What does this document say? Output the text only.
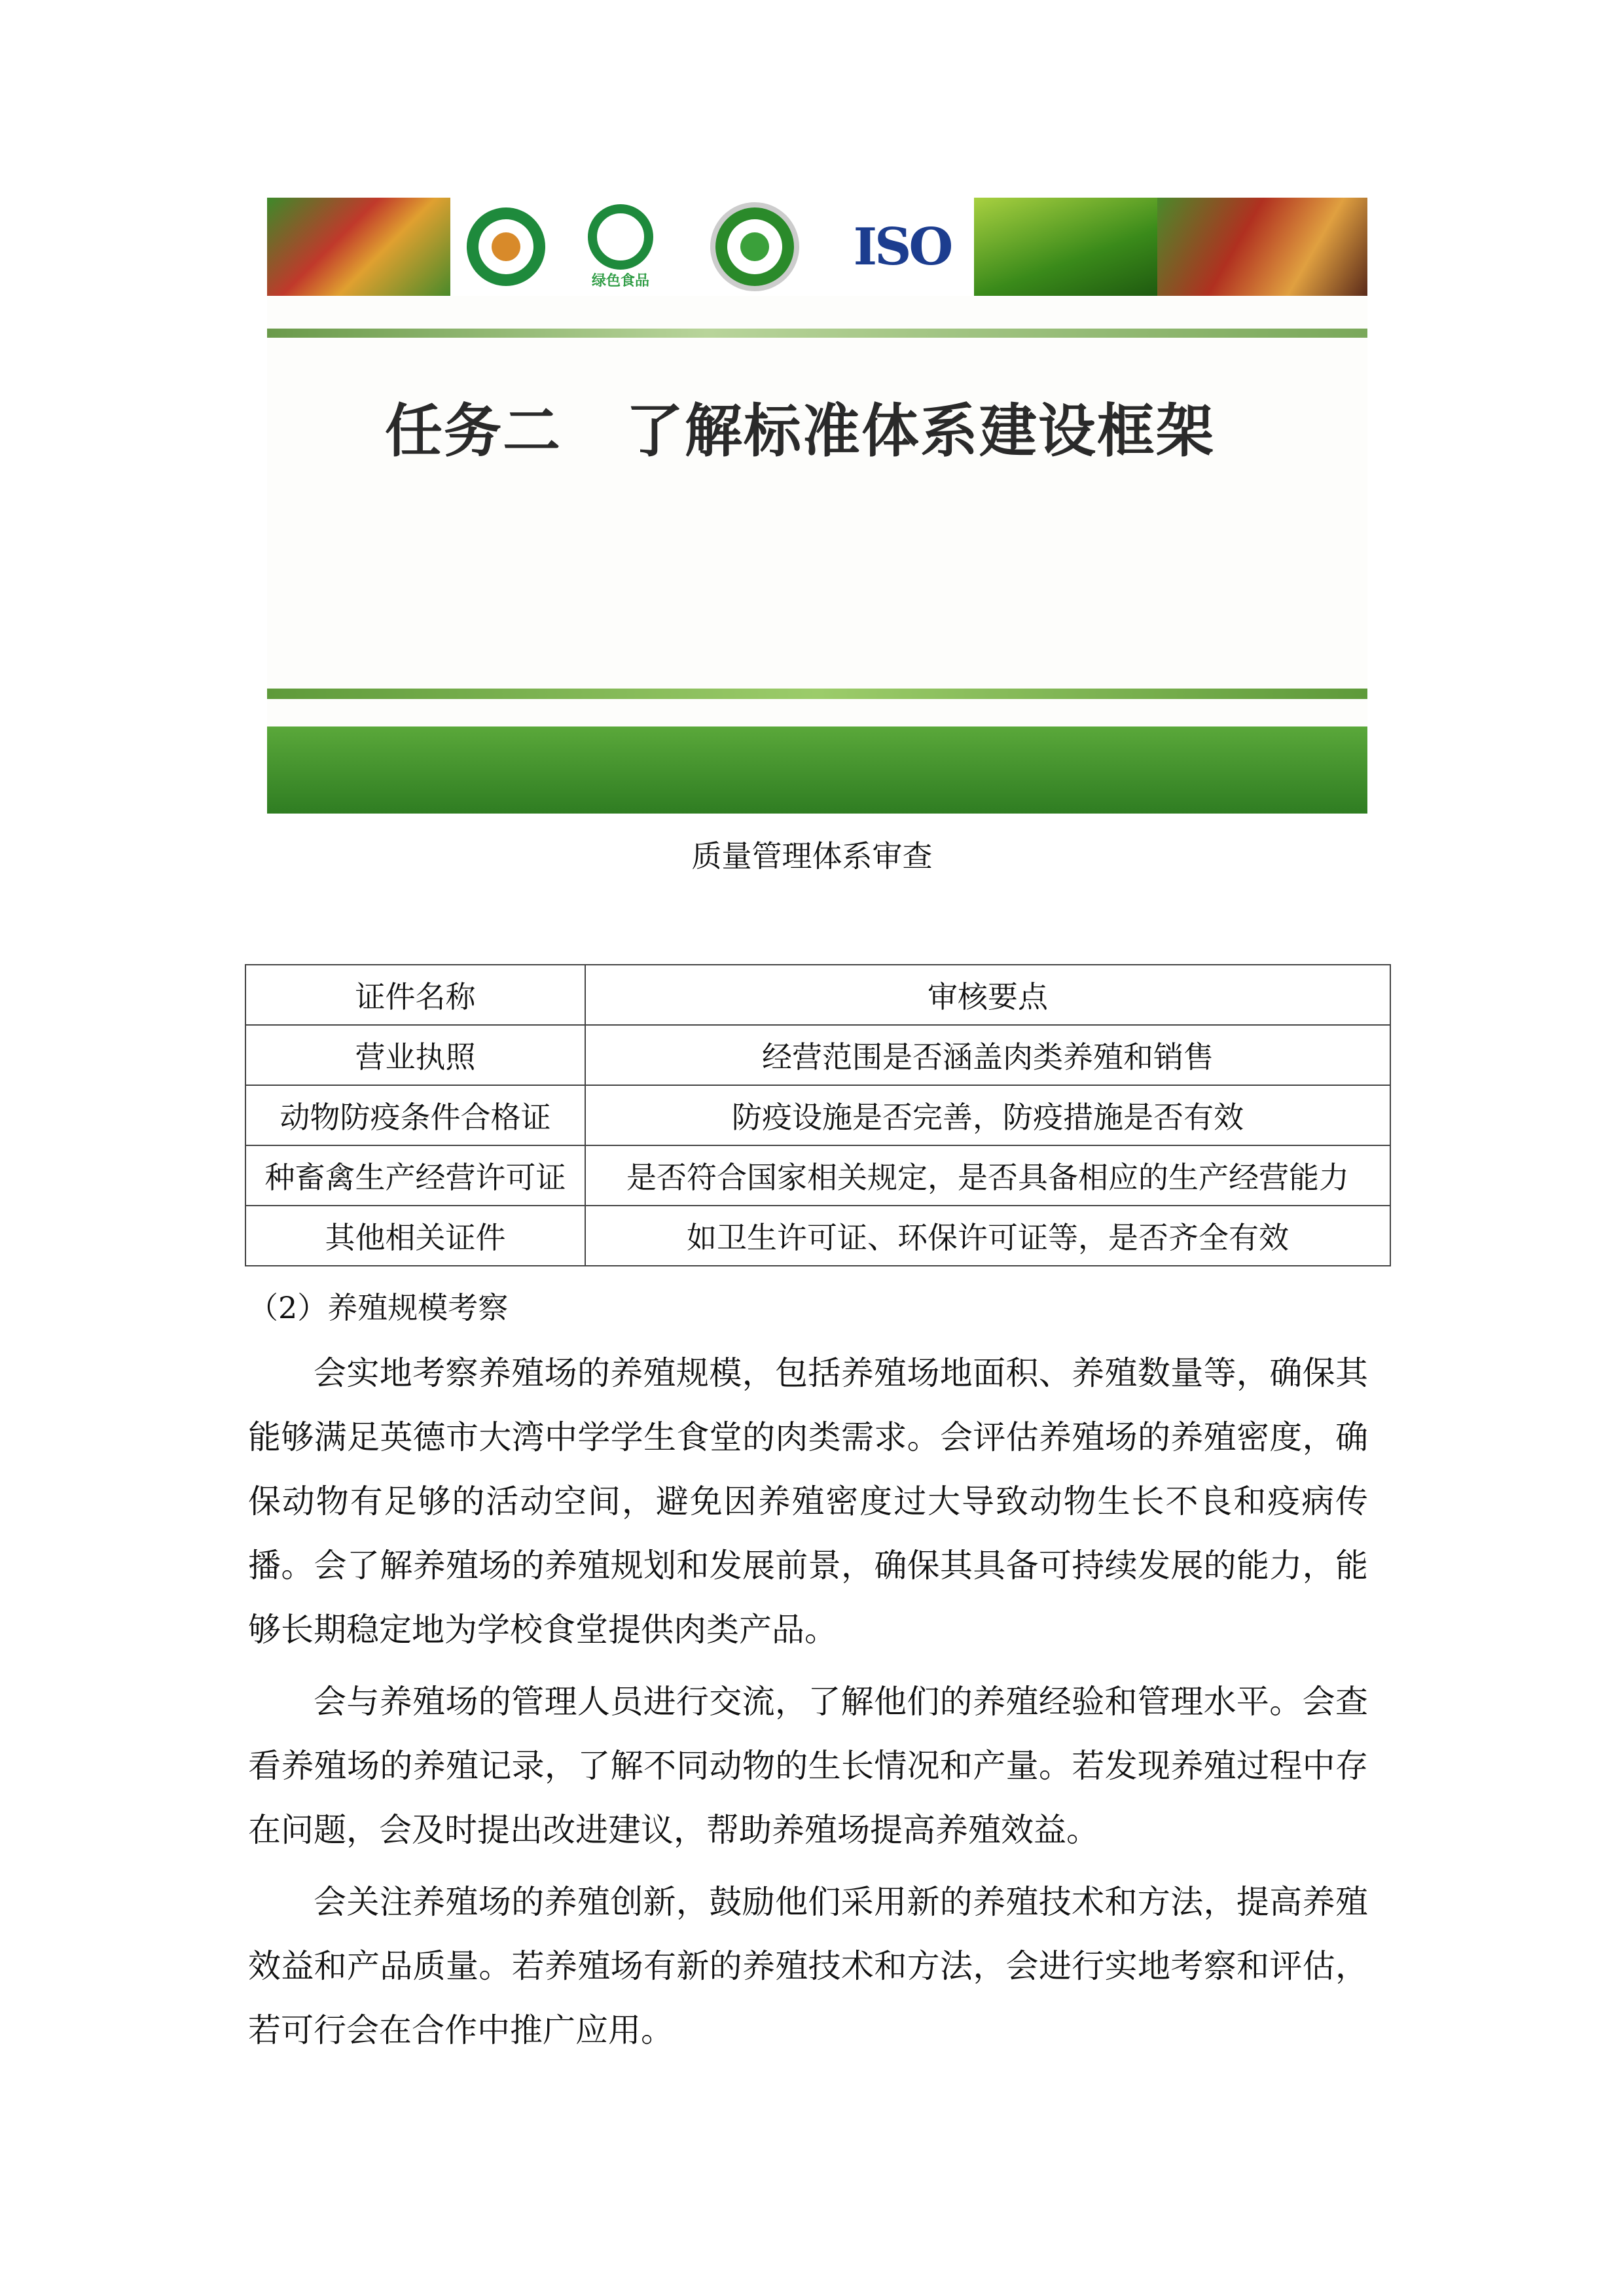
绿色食品
ISO
任务二   了解标准体系建设框架
质量管理体系审查
证件名称	审核要点
营业执照	经营范围是否涵盖肉类养殖和销售
动物防疫条件合格证	防疫设施是否完善，防疫措施是否有效
种畜禽生产经营许可证	是否符合国家相关规定，是否具备相应的生产经营能力
其他相关证件	如卫生许可证、环保许可证等，是否齐全有效
（2）养殖规模考察

会实地考察养殖场的养殖规模，包括养殖场地面积、养殖数量等，确保其能够满足英德市大湾中学学生食堂的肉类需求。会评估养殖场的养殖密度，确保动物有足够的活动空间，避免因养殖密度过大导致动物生长不良和疫病传播。会了解养殖场的养殖规划和发展前景，确保其具备可持续发展的能力，能够长期稳定地为学校食堂提供肉类产品。

会与养殖场的管理人员进行交流，了解他们的养殖经验和管理水平。会查看养殖场的养殖记录，了解不同动物的生长情况和产量。若发现养殖过程中存在问题，会及时提出改进建议，帮助养殖场提高养殖效益。

会关注养殖场的养殖创新，鼓励他们采用新的养殖技术和方法，提高养殖效益和产品质量。若养殖场有新的养殖技术和方法，会进行实地考察和评估，若可行会在合作中推广应用。
